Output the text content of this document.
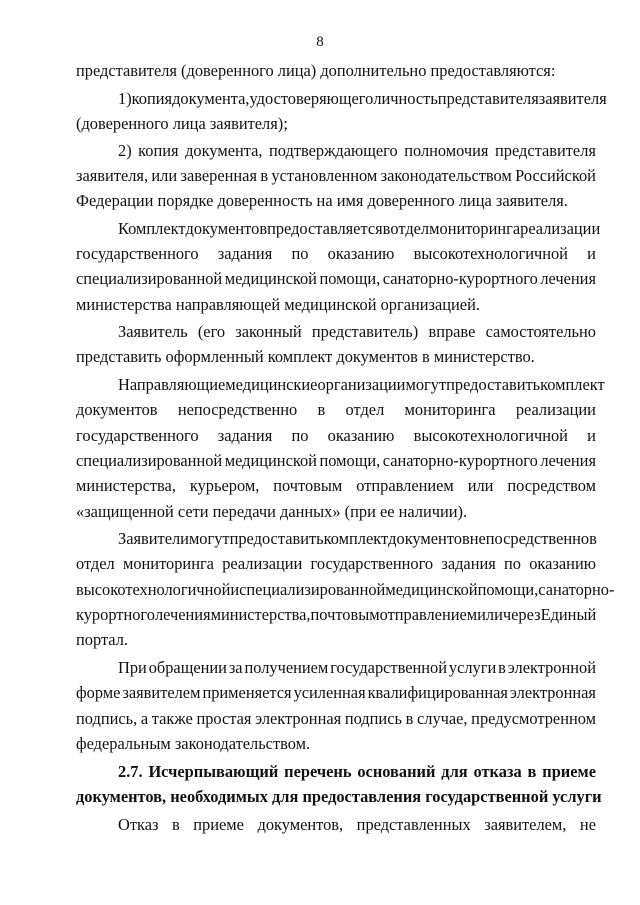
8
представителя (доверенного лица) дополнительно предоставляются:
1) копия документа, удостоверяющего личность представителя заявителя
(доверенного лица заявителя);
2) копия документа, подтверждающего полномочия представителя
заявителя, или заверенная в установленном законодательством Российской
Федерации порядке доверенность на имя доверенного лица заявителя.
Комплект документов предоставляется в отдел мониторинга реализации
государственного задания по оказанию высокотехнологичной и
специализированной медицинской помощи, санаторно-курортного лечения
министерства направляющей медицинской организацией.
Заявитель (его законный представитель) вправе самостоятельно
представить оформленный комплект документов в министерство.
Направляющие медицинские организации могут предоставить комплект
документов непосредственно в отдел мониторинга реализации
государственного задания по оказанию высокотехнологичной и
специализированной медицинской помощи, санаторно-курортного лечения
министерства, курьером, почтовым отправлением или посредством
«защищенной сети передачи данных» (при ее наличии).
Заявители могут предоставить комплект документов непосредственно в
отдел мониторинга реализации государственного задания по оказанию
высокотехнологичной и специализированной медицинской помощи, санаторно-
курортного лечения министерства, почтовым отправлением или через Единый
портал.
При обращении за получением государственной услуги в электронной
форме заявителем применяется усиленная квалифицированная электронная
подпись, а также простая электронная подпись в случае, предусмотренном
федеральным законодательством.
2.7. Исчерпывающий перечень оснований для отказа в приеме
документов, необходимых для предоставления государственной услуги
Отказ в приеме документов, представленных заявителем, не
